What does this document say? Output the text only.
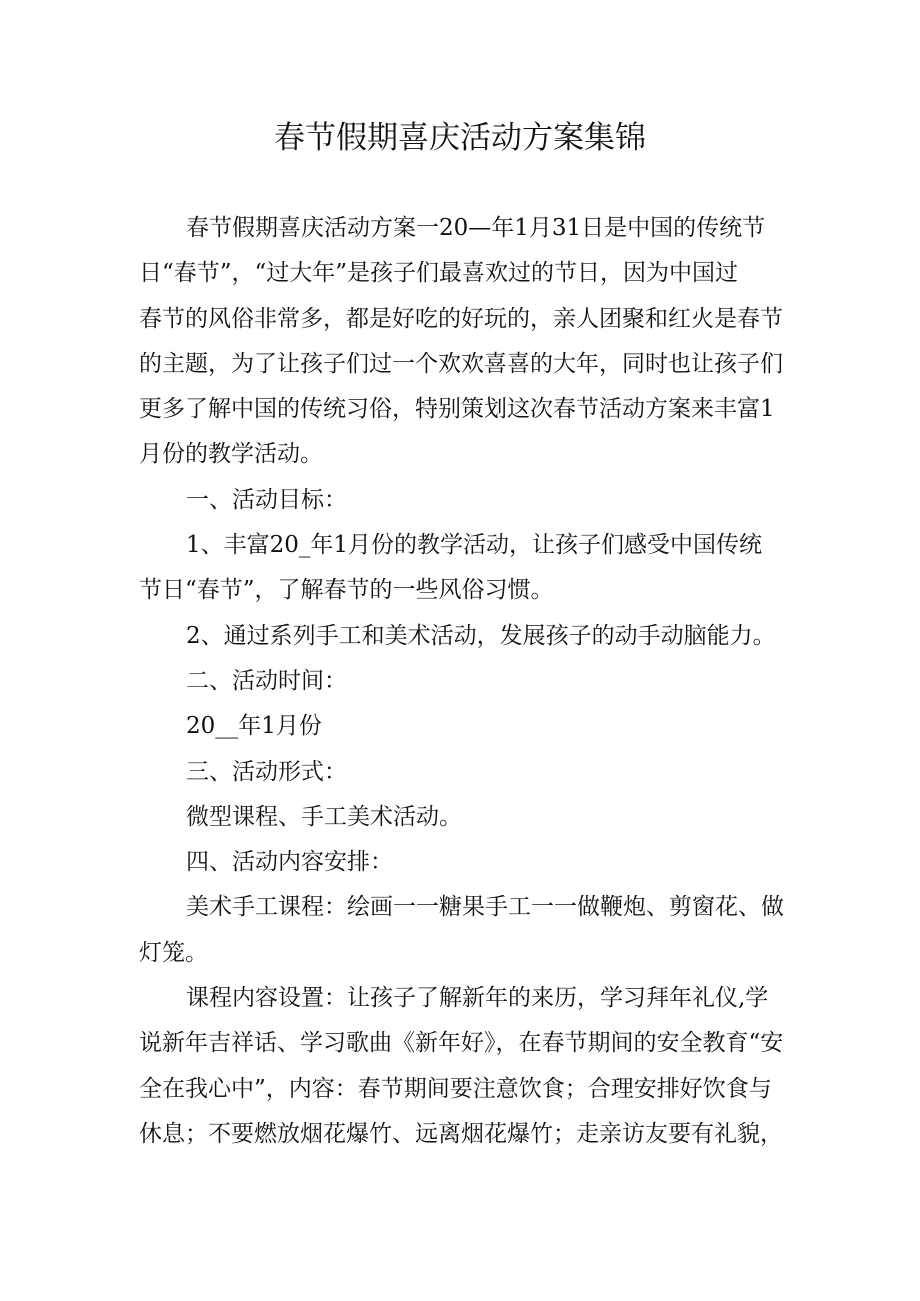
春节假期喜庆活动方案集锦
春节假期喜庆活动方案一20—年1月31日是中国的传统节
日“春节”，“过大年”是孩子们最喜欢过的节日，因为中国过
春节的风俗非常多，都是好吃的好玩的，亲人团聚和红火是春节
的主题，为了让孩子们过一个欢欢喜喜的大年，同时也让孩子们
更多了解中国的传统习俗，特别策划这次春节活动方案来丰富1
月份的教学活动。
一、活动目标：
1、丰富20_年1月份的教学活动，让孩子们感受中国传统
节日“春节”，了解春节的一些风俗习惯。
2、通过系列手工和美术活动，发展孩子的动手动脑能力。
二、活动时间：
20__年1月份
三、活动形式：
微型课程、手工美术活动。
四、活动内容安排：
美术手工课程：绘画一一糖果手工一一做鞭炮、剪窗花、做
灯笼。
课程内容设置：让孩子了解新年的来历，学习拜年礼仪,学
说新年吉祥话、学习歌曲《新年好》，在春节期间的安全教育“安
全在我心中”，内容：春节期间要注意饮食；合理安排好饮食与
休息；不要燃放烟花爆竹、远离烟花爆竹；走亲访友要有礼貌，
